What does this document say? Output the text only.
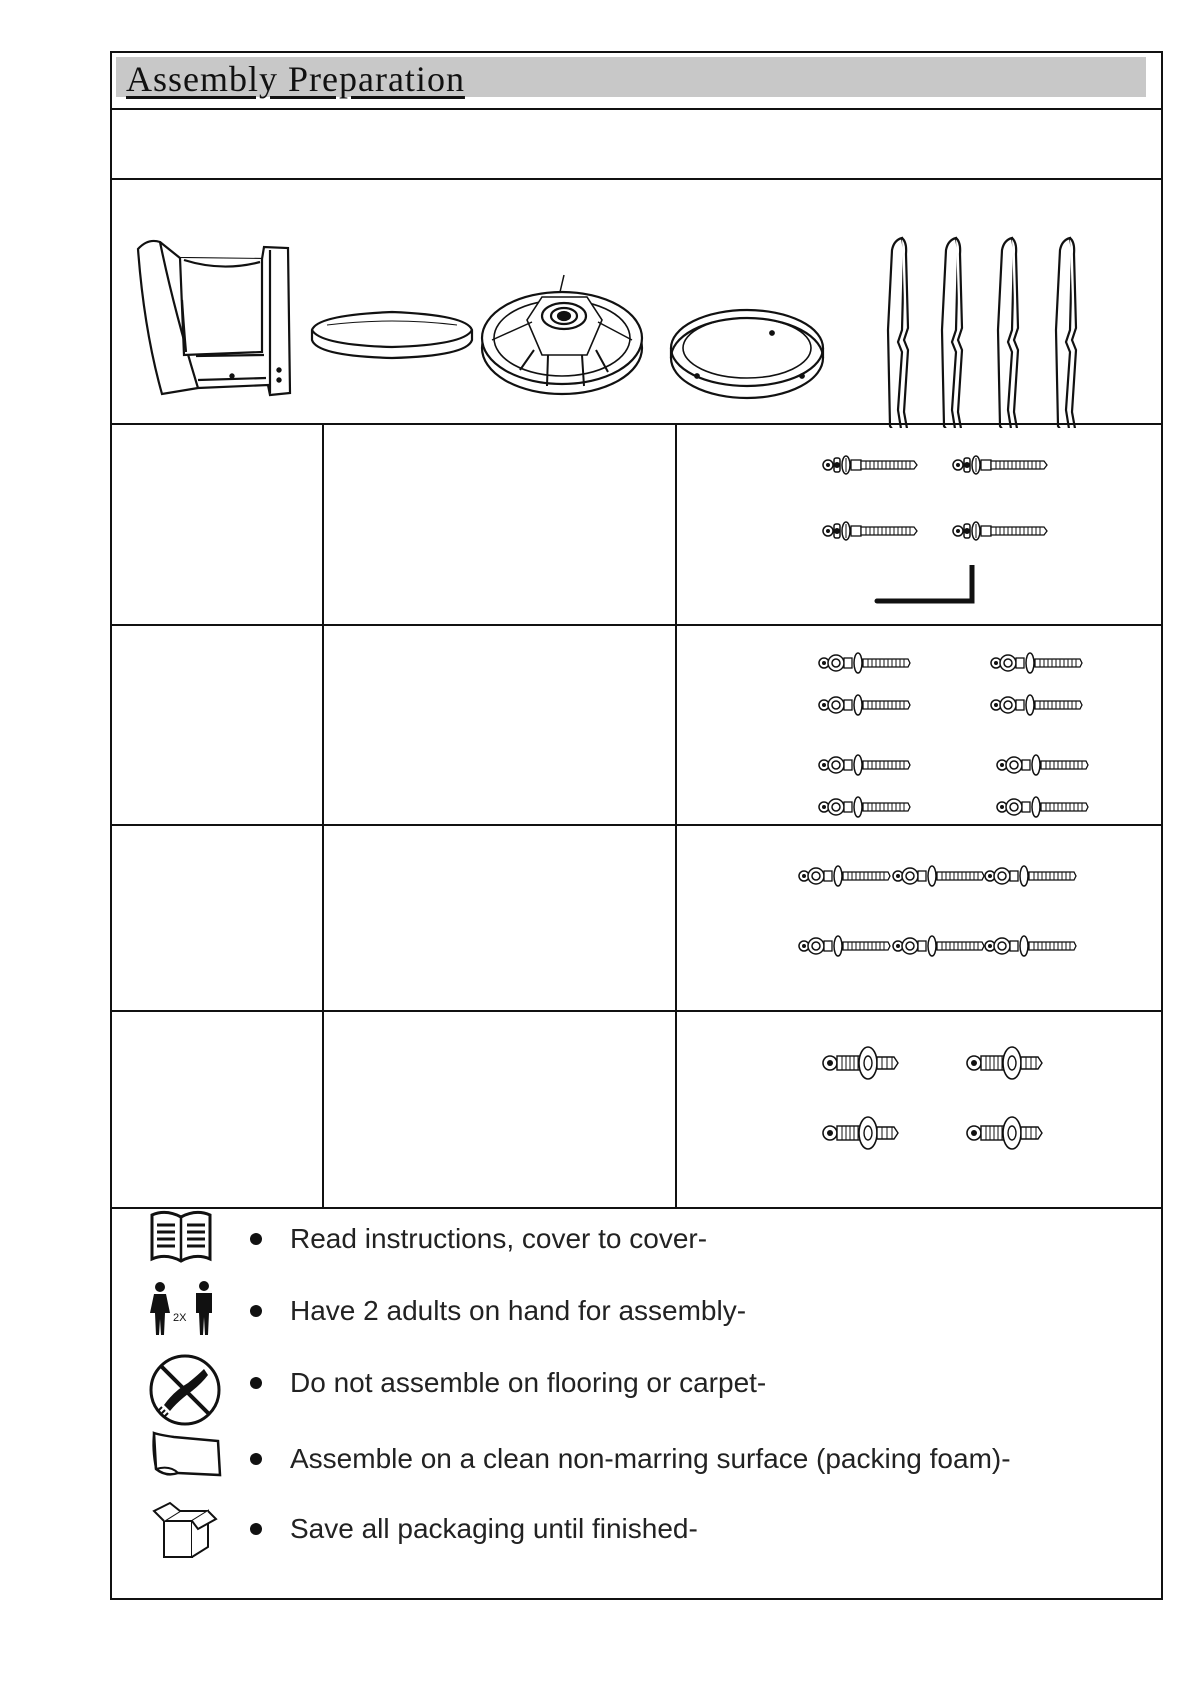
Assembly Preparation
Read instructions, cover to cover-
2X	Have 2 adults on hand for assembly-
Do not assemble on flooring or carpet-
Assemble on a clean non-marring surface (packing foam)-
Save all packaging until finished-
